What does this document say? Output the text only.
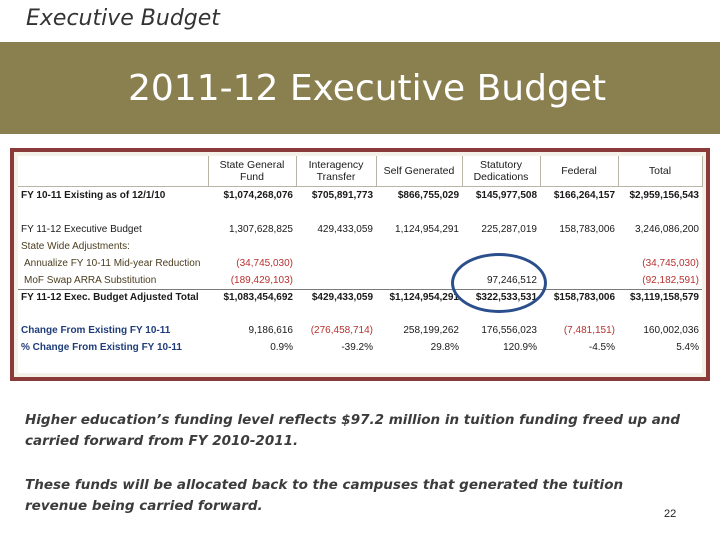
Executive Budget
2011-12 Executive Budget
	State General Fund	Interagency Transfer	Self Generated	Statutory Dedications	Federal	Total
FY 10-11 Existing as of 12/1/10	$1,074,268,076	$705,891,773	$866,755,029	$145,977,508	$166,264,157	$2,959,156,543

FY 11-12 Executive Budget	1,307,628,825	429,433,059	1,124,954,291	225,287,019	158,783,006	3,246,086,200
State Wide Adjustments:						
Annualize FY 10-11 Mid-year Reduction	(34,745,030)					(34,745,030)
MoF Swap ARRA Substitution	(189,429,103)			97,246,512		(92,182,591)
FY 11-12 Exec. Budget Adjusted Total	$1,083,454,692	$429,433,059	$1,124,954,291	$322,533,531	$158,783,006	$3,119,158,579

Change From Existing FY 10-11	9,186,616	(276,458,714)	258,199,262	176,556,023	(7,481,151)	160,002,036
% Change From Existing FY 10-11	0.9%	-39.2%	29.8%	120.9%	-4.5%	5.4%
Higher education’s funding level reflects $97.2 million in tuition funding freed up and carried forward from FY 2010-2011.
These funds will be allocated back to the campuses that generated the tuition revenue being carried forward.	22
